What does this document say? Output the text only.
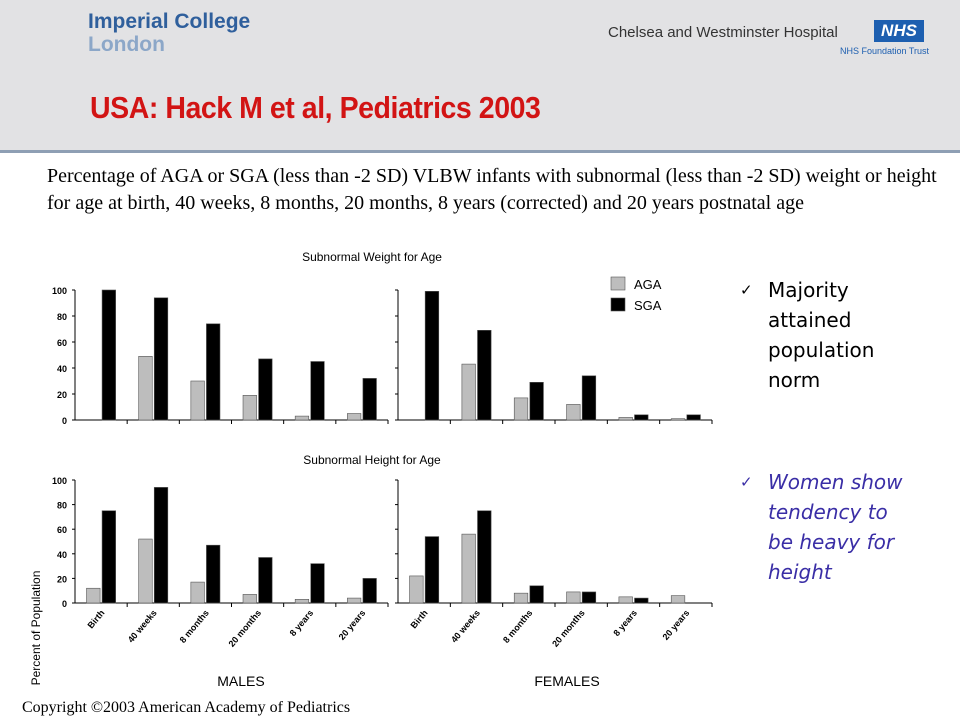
Imperial College
London
Chelsea and Westminster Hospital	NHS
NHS Foundation Trust
USA: Hack M et al, Pediatrics 2003
Percentage of AGA or SGA (less than -2 SD) VLBW infants with subnormal (less than -2 SD) weight or height for age at birth, 40 weeks, 8 months, 20 months, 8 years (corrected) and 20 years postnatal age
Subnormal Weight for Age
Subnormal Height for Age
Percent of Population
0
20
40
60
80
100
0
20
40
60
80
100
Birth 40 weeks 8 months 20 months	8 years 20 years	Birth 40 weeks 8 months 20 months	8 years 20 years
MALES	FEMALES
AGA
SGA
✓ Majority
attained
population
norm
✓ Women show
tendency to
be heavy for
height
Copyright ©2003 American Academy of Pediatrics
